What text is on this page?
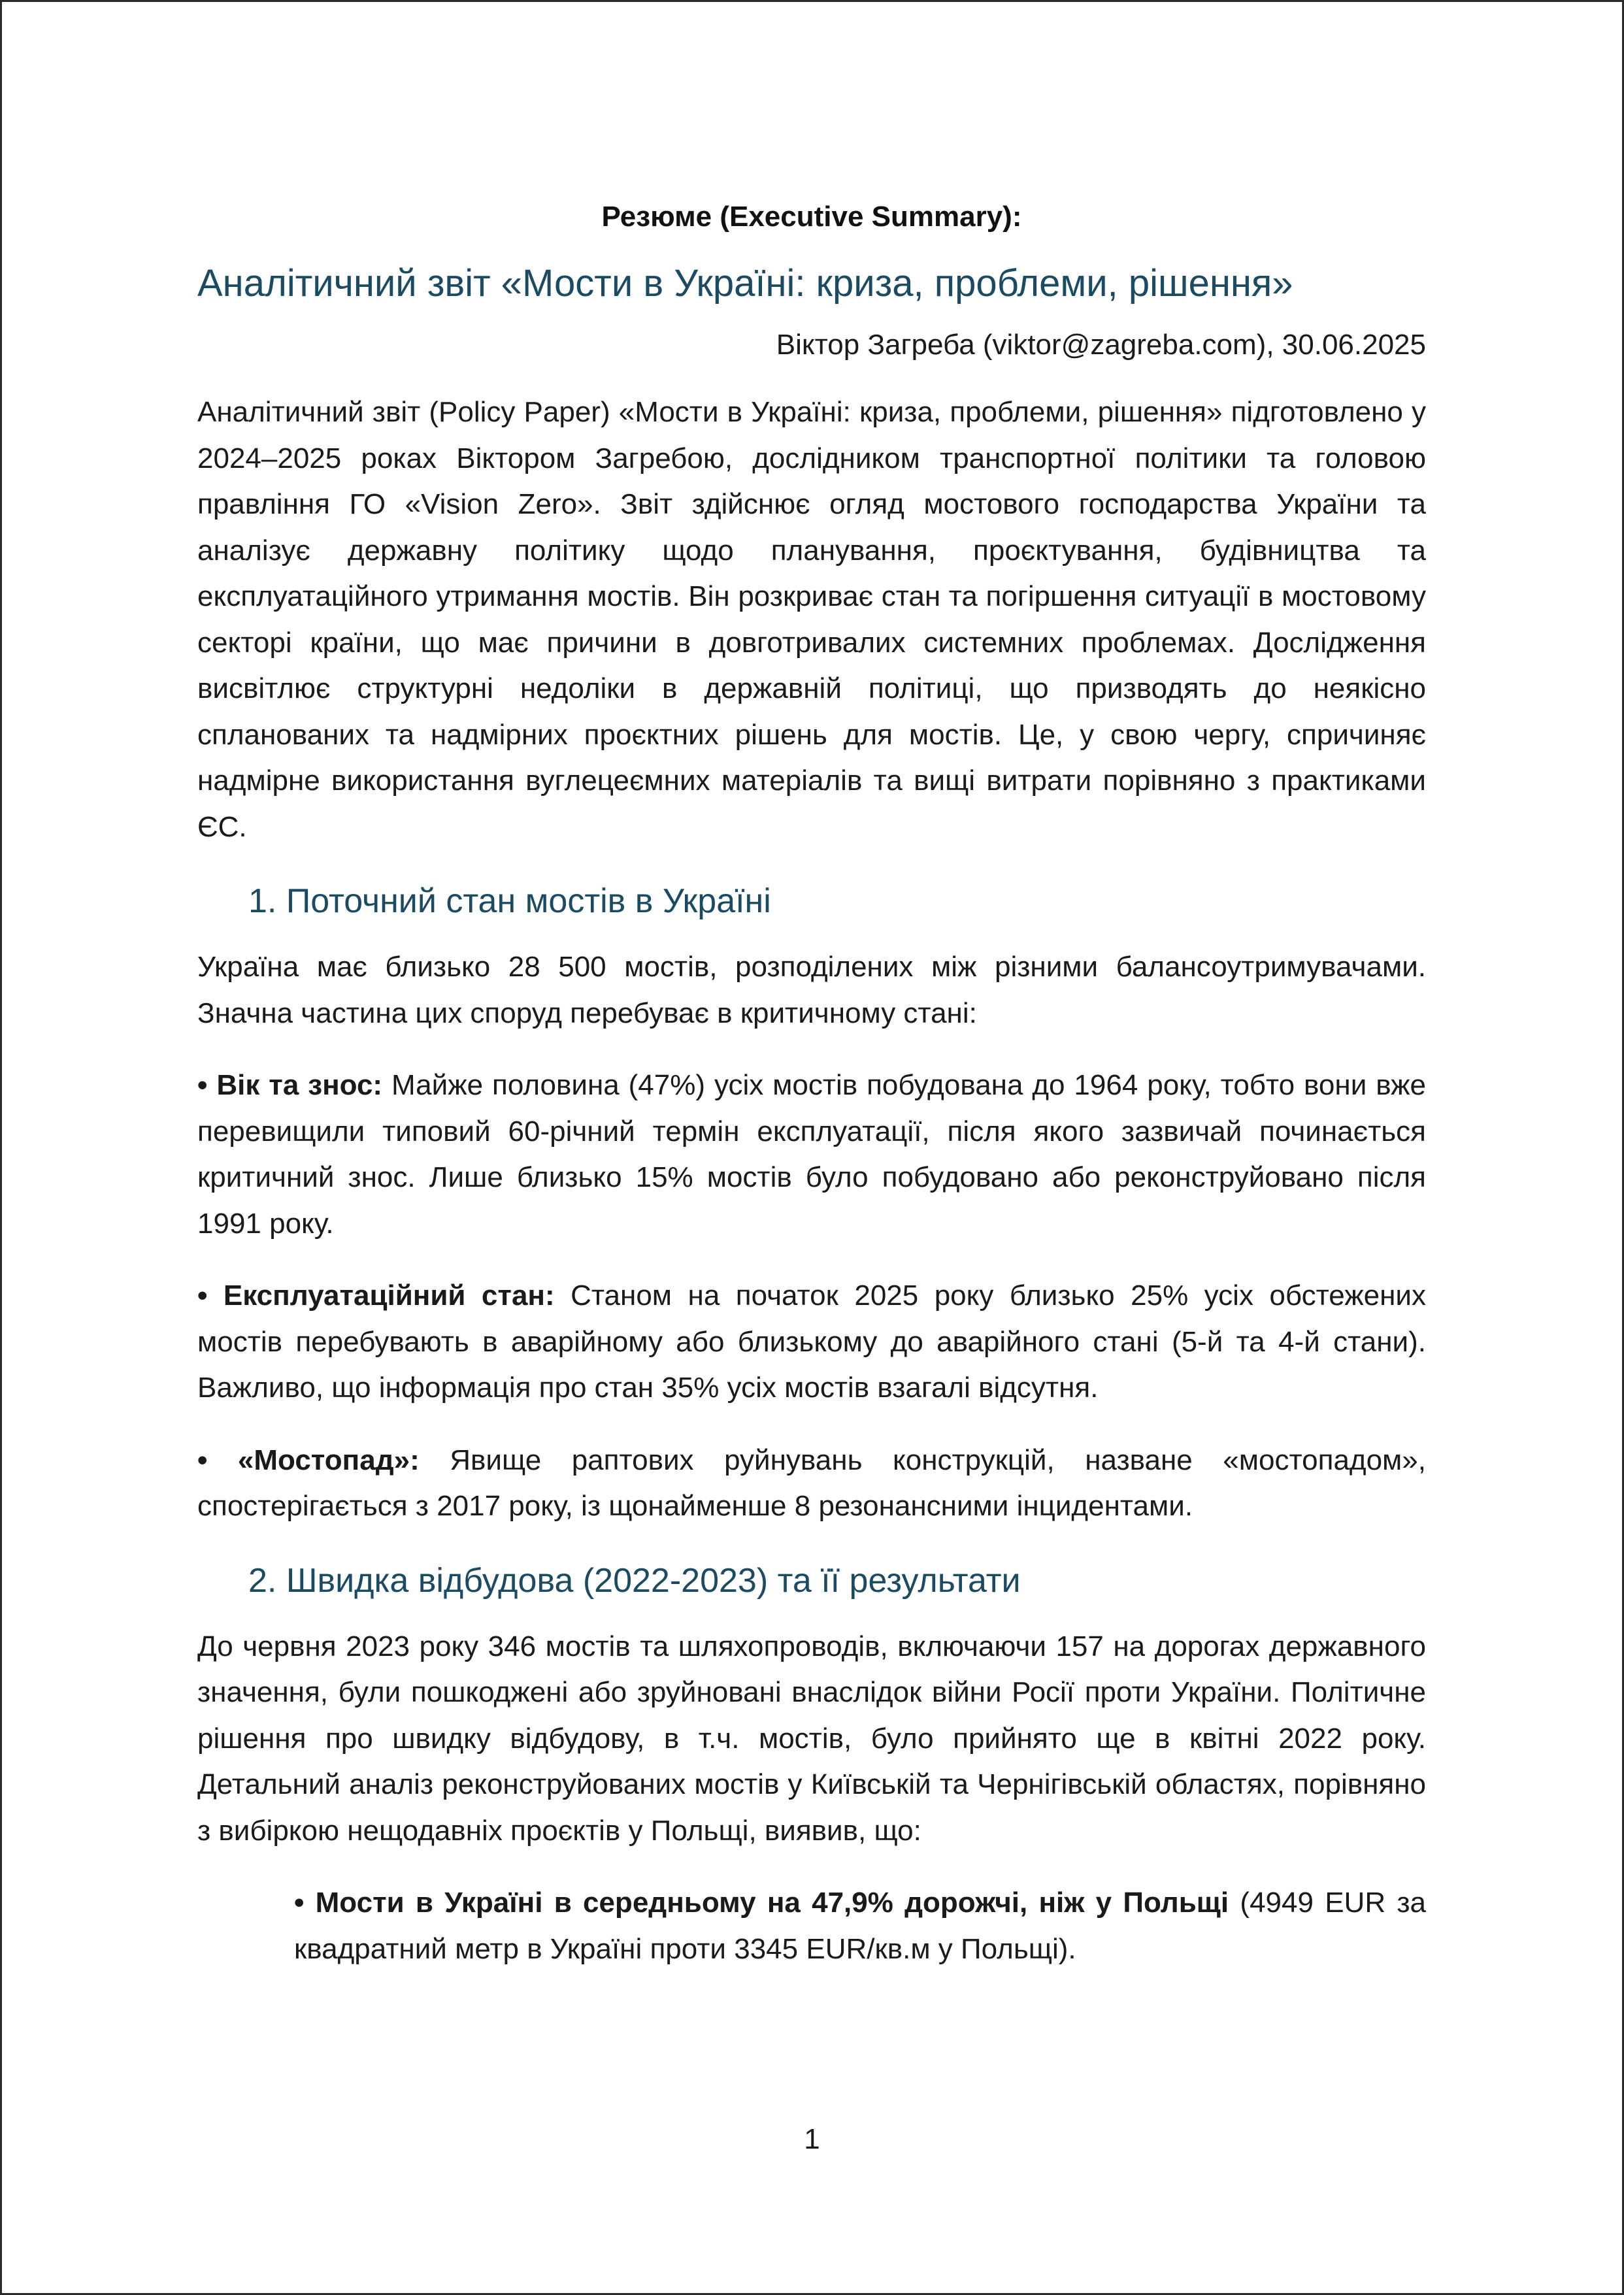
Резюме (Executive Summary):
Аналітичний звіт «Мости в Україні: криза, проблеми, рішення»
Віктор Загреба (viktor@zagreba.com), 30.06.2025

Аналітичний звіт (Policy Paper) «Мости в Україні: криза, проблеми, рішення» підготовлено у 2024–2025 роках Віктором Загребою, дослідником транспортної політики та головою правління ГО «Vision Zero». Звіт здійснює огляд мостового господарства України та аналізує державну політику щодо планування, проєктування, будівництва та експлуатаційного утримання мостів. Він розкриває стан та погіршення ситуації в мостовому секторі країни, що має причини в довготривалих системних проблемах. Дослідження висвітлює структурні недоліки в державній політиці, що призводять до неякісно спланованих та надмірних проєктних рішень для мостів. Це, у свою чергу, спричиняє надмірне використання вуглецеємних матеріалів та вищі витрати порівняно з практиками ЄС.

1. Поточний стан мостів в Україні

Україна має близько 28 500 мостів, розподілених між різними балансоутримувачами. Значна частина цих споруд перебуває в критичному стані:

• Вік та знос: Майже половина (47%) усіх мостів побудована до 1964 року, тобто вони вже перевищили типовий 60-річний термін експлуатації, після якого зазвичай починається критичний знос. Лише близько 15% мостів було побудовано або реконструйовано після 1991 року.

• Експлуатаційний стан: Станом на початок 2025 року близько 25% усіх обстежених мостів перебувають в аварійному або близькому до аварійного стані (5-й та 4-й стани). Важливо, що інформація про стан 35% усіх мостів взагалі відсутня.

• «Мостопад»: Явище раптових руйнувань конструкцій, назване «мостопадом», спостерігається з 2017 року, із щонайменше 8 резонансними інцидентами.

2. Швидка відбудова (2022-2023) та її результати

До червня 2023 року 346 мостів та шляхопроводів, включаючи 157 на дорогах державного значення, були пошкоджені або зруйновані внаслідок війни Росії проти України. Політичне рішення про швидку відбудову, в т.ч. мостів, було прийнято ще в квітні 2022 року. Детальний аналіз реконструйованих мостів у Київській та Чернігівській областях, порівняно з вибіркою нещодавніх проєктів у Польщі, виявив, що:

• Мости в Україні в середньому на 47,9% дорожчі, ніж у Польщі (4949 EUR за квадратний метр в Україні проти 3345 EUR/кв.м у Польщі).

1
